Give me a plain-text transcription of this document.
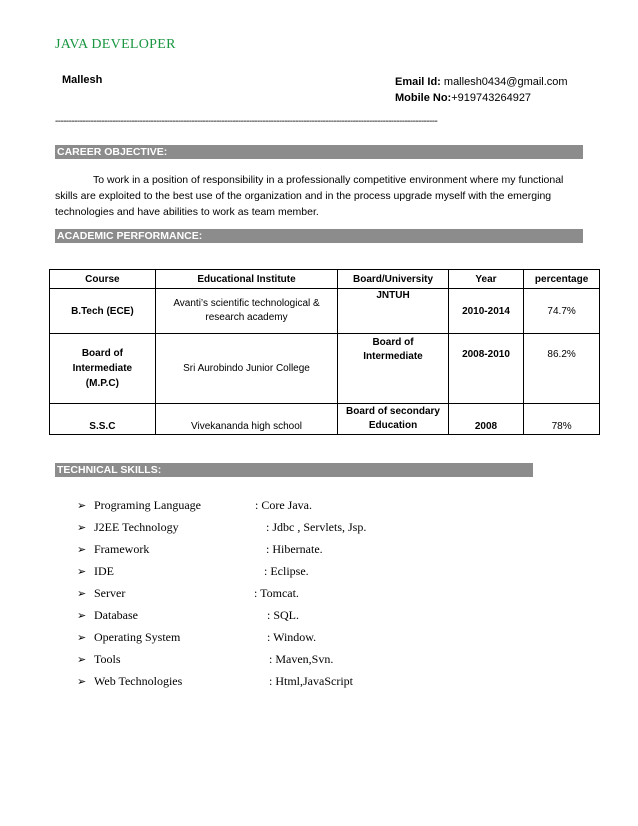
JAVA DEVELOPER
Mallesh	Email Id: mallesh0434@gmail.com
Mobile No:+919743264927
--------------------------------------------------------------------------------------------------------------------------------------------
CAREER OBJECTIVE:

To work in a position of responsibility in a professionally competitive environment where my functional skills are exploited to the best use of the organization and in the process upgrade myself with the emerging technologies and have abilities to work as team member.

ACADEMIC PERFORMANCE:
Course	Educational Institute	Board/University	Year	percentage
B.Tech (ECE)	Avanti’s scientific technological & research academy	JNTUH	2010-2014	74.7%
Board of Intermediate (M.P.C)	Sri Aurobindo Junior College	Board of Intermediate	2008-2010	86.2%
S.S.C	Vivekananda high school	Board of secondary Education	2008	78%
TECHNICAL SKILLS:
➢ Programing Language	: Core Java.
➢ J2EE Technology	: Jdbc , Servlets, Jsp.
➢ Framework	: Hibernate.
➢ IDE	: Eclipse.
➢ Server	: Tomcat.
➢ Database	: SQL.
➢ Operating System	: Window.
➢ Tools	: Maven,Svn.
➢ Web Technologies	: Html,JavaScript
